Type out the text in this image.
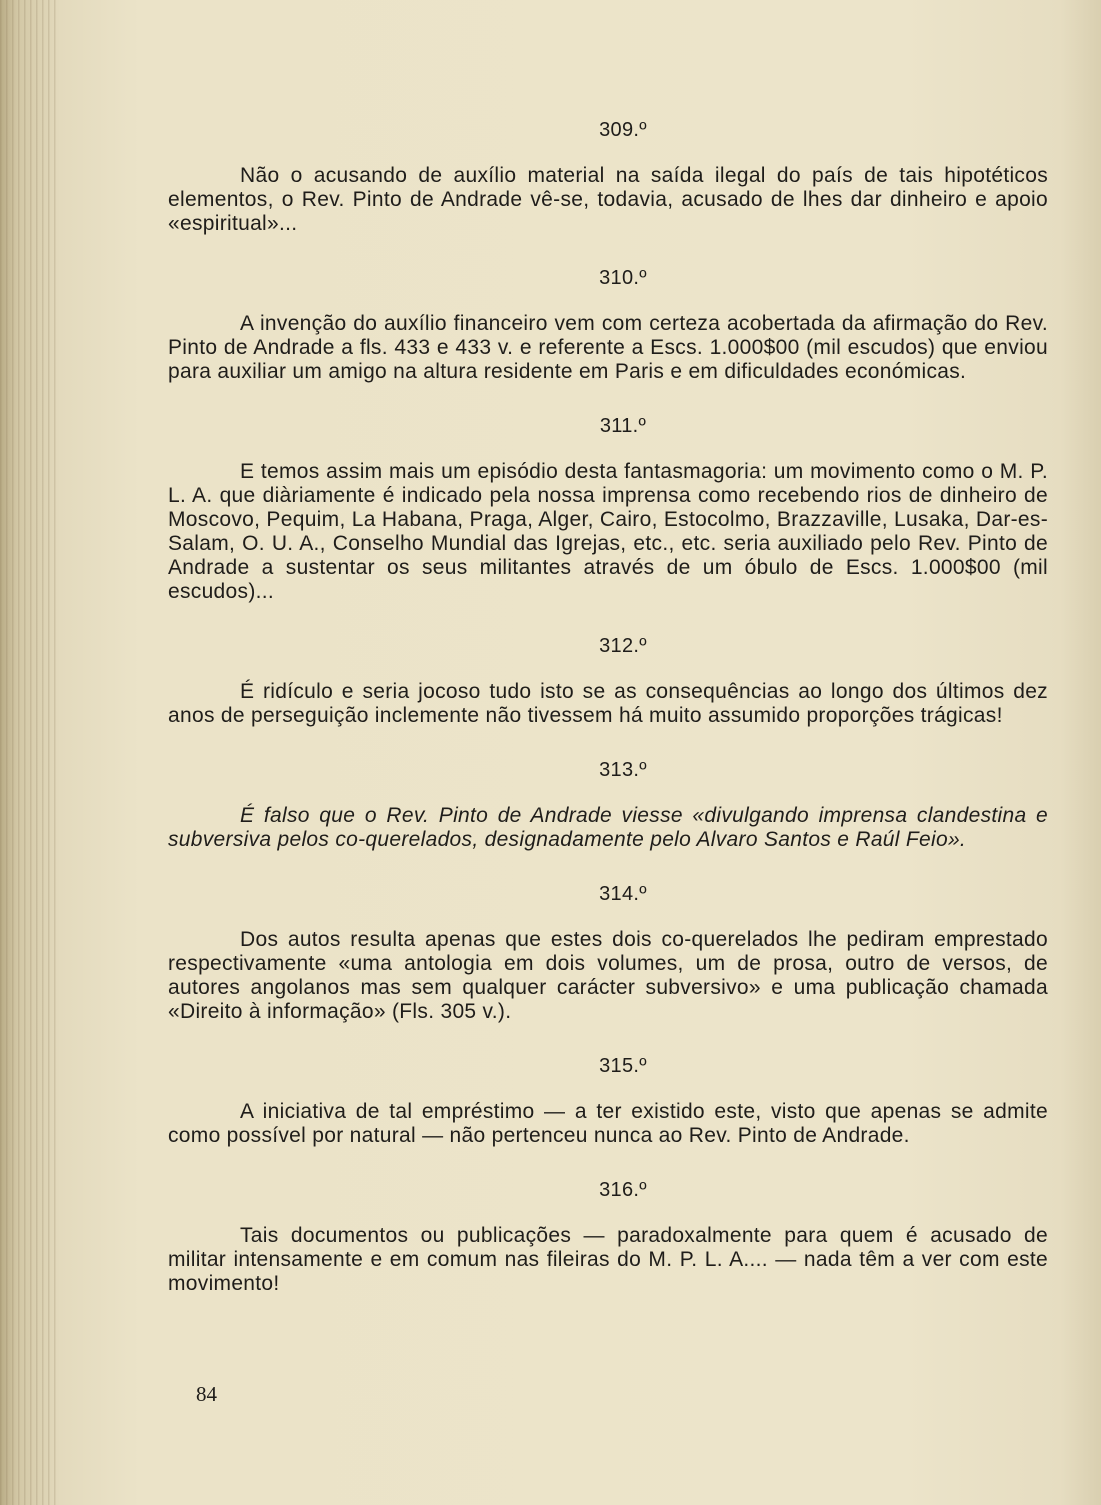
309.º

Não o acusando de auxílio material na saída ilegal do país de tais hipotéticos elementos, o Rev. Pinto de Andrade vê-se, todavia, acusado de lhes dar dinheiro e apoio «espiritual»...

310.º

A invenção do auxílio financeiro vem com certeza acobertada da afirmação do Rev. Pinto de Andrade a fls. 433 e 433 v. e referente a Escs. 1.000$00 (mil escudos) que enviou para auxiliar um amigo na altura residente em Paris e em dificuldades económicas.

311.º

E temos assim mais um episódio desta fantasmagoria: um movimento como o M. P. L. A. que diàriamente é indicado pela nossa imprensa como recebendo rios de dinheiro de Moscovo, Pequim, La Habana, Praga, Alger, Cairo, Estocolmo, Brazzaville, Lusaka, Dar-es-Salam, O. U. A., Conselho Mundial das Igrejas, etc., etc. seria auxiliado pelo Rev. Pinto de Andrade a sustentar os seus militantes através de um óbulo de Escs. 1.000$00 (mil escudos)...

312.º

É ridículo e seria jocoso tudo isto se as consequências ao longo dos últimos dez anos de perseguição inclemente não tivessem há muito assumido proporções trágicas!

313.º

É falso que o Rev. Pinto de Andrade viesse «divulgando imprensa clandestina e subversiva pelos co-querelados, designadamente pelo Alvaro Santos e Raúl Feio».

314.º

Dos autos resulta apenas que estes dois co-querelados lhe pediram emprestado respectivamente «uma antologia em dois volumes, um de prosa, outro de versos, de autores angolanos mas sem qualquer carácter subversivo» e uma publicação chamada «Direito à informação» (Fls. 305 v.).

315.º

A iniciativa de tal empréstimo — a ter existido este, visto que apenas se admite como possível por natural — não pertenceu nunca ao Rev. Pinto de Andrade.

316.º

Tais documentos ou publicações — paradoxalmente para quem é acusado de militar intensamente e em comum nas fileiras do M. P. L. A.... — nada têm a ver com este movimento!

84
